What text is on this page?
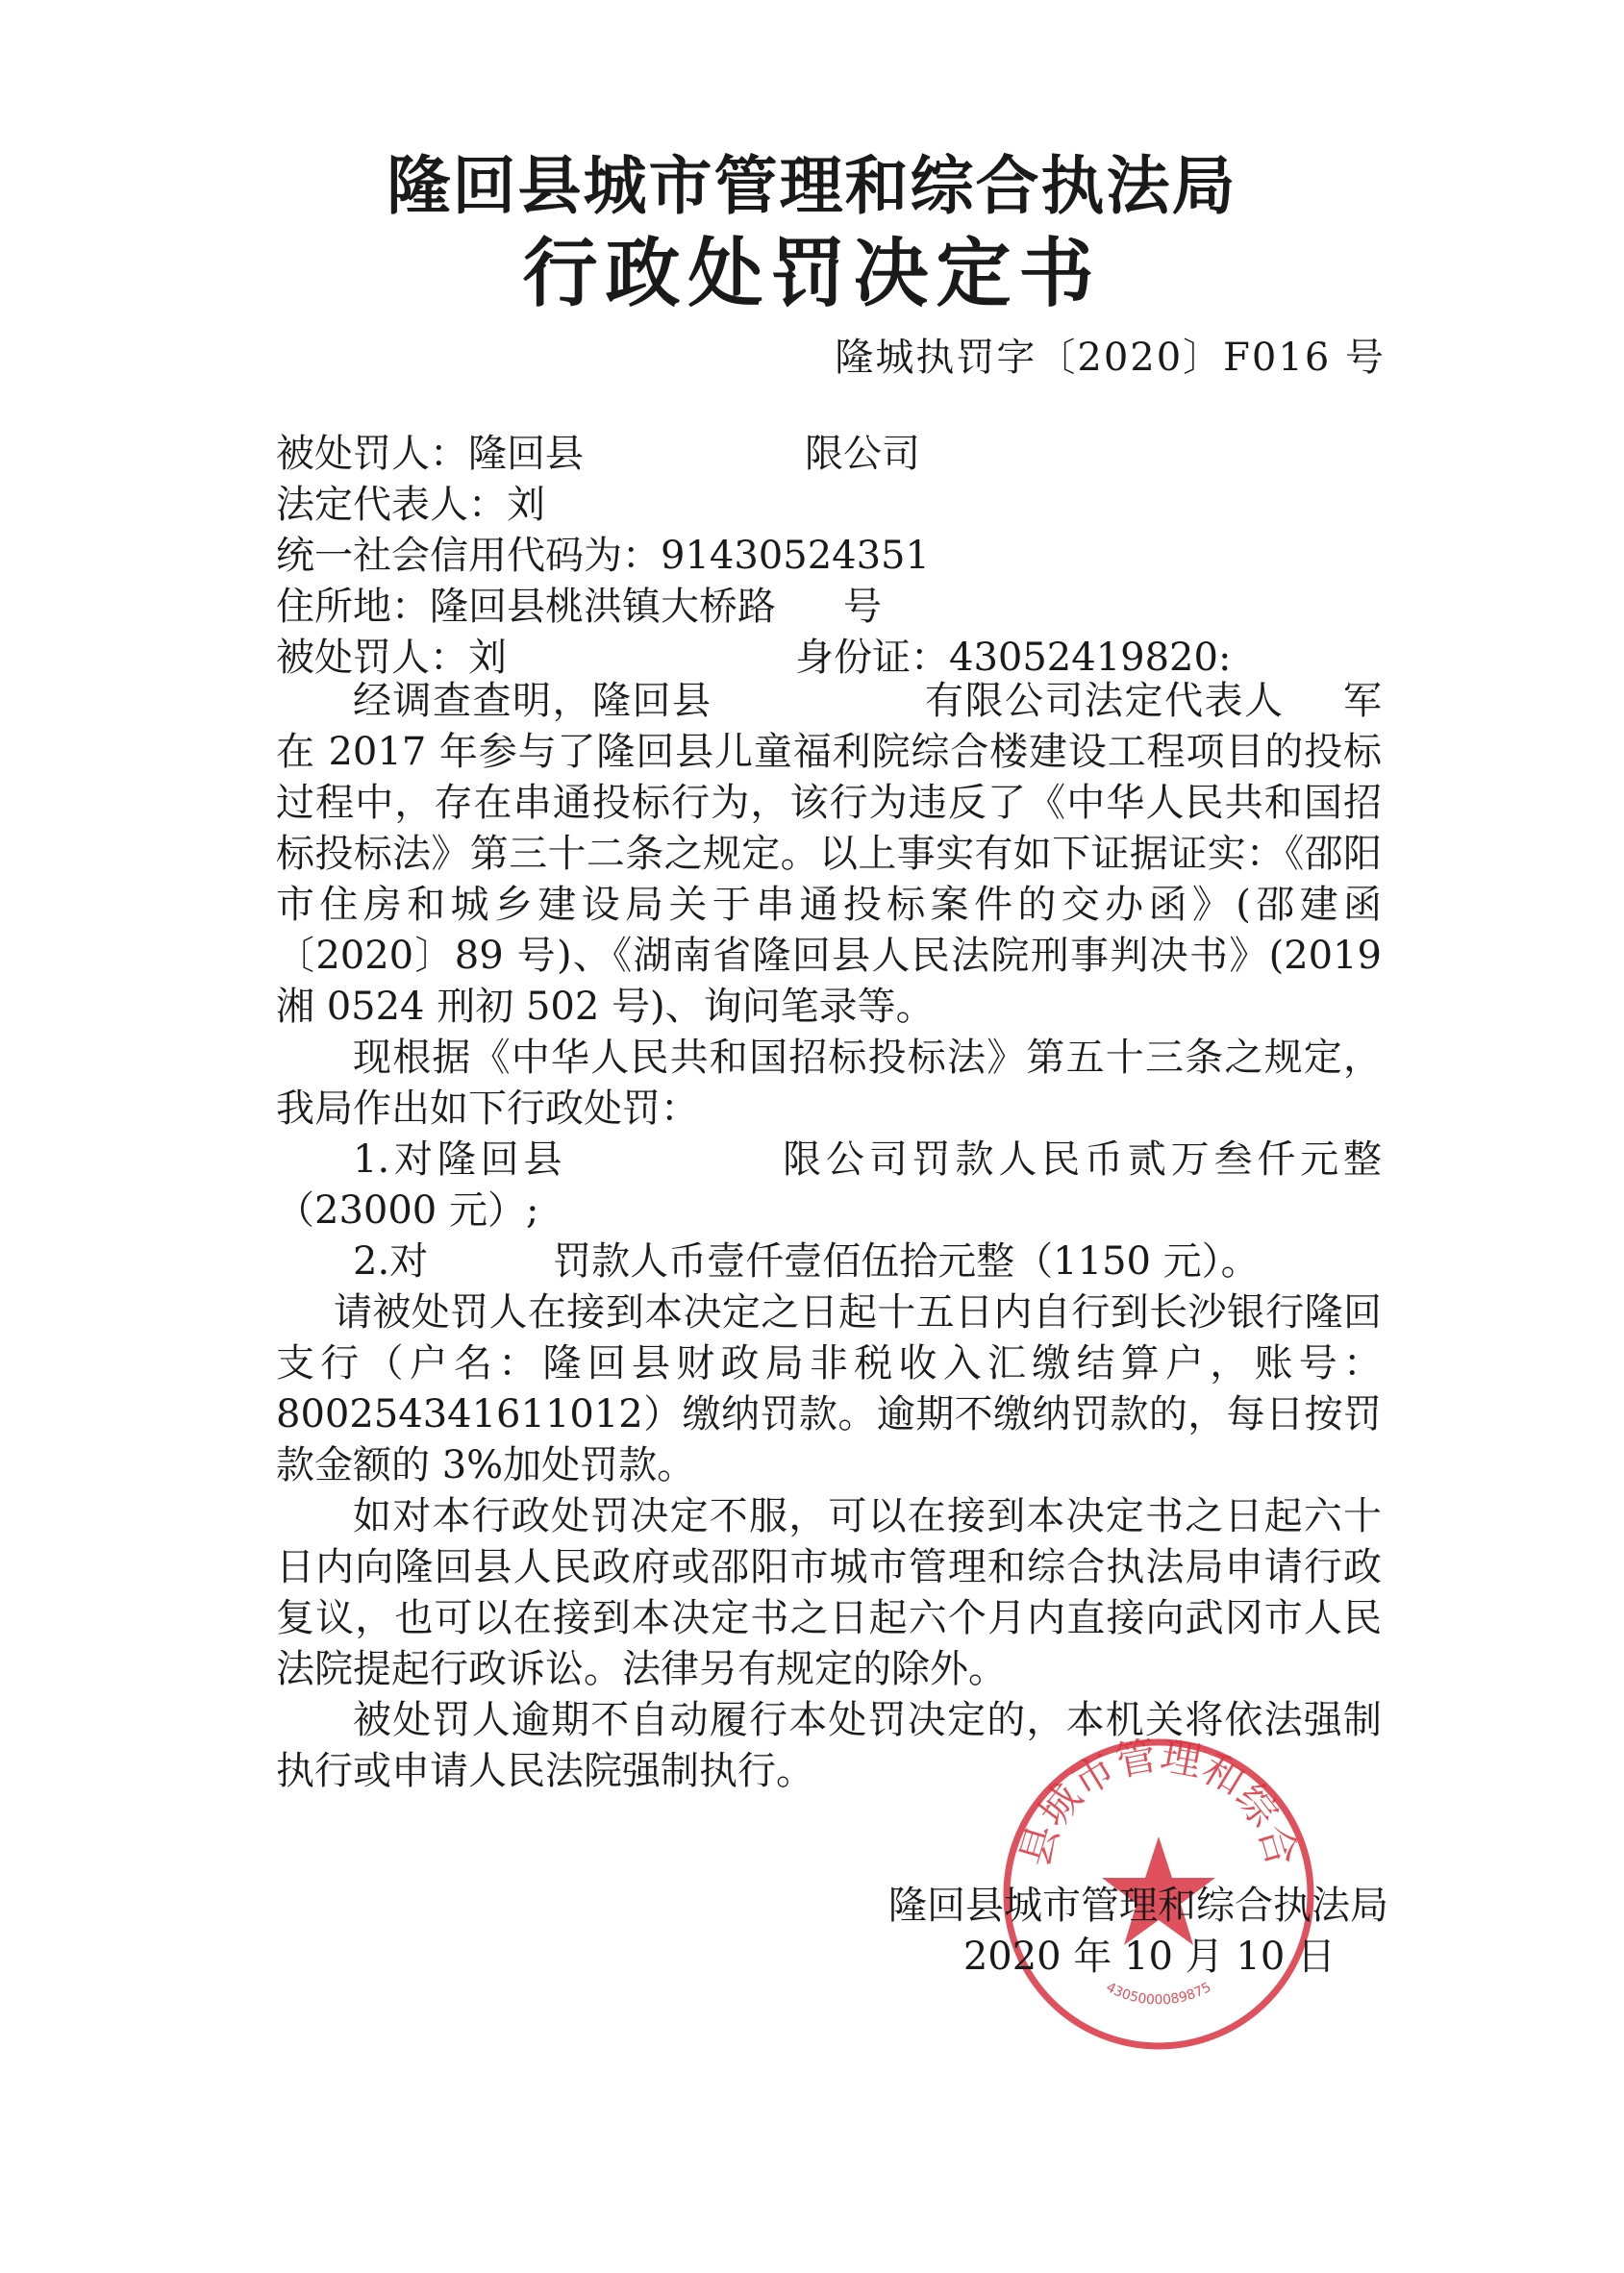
隆回县城市管理和综合执法局
行政处罚决定书
隆城执罚字〔2020〕F016 号
被处罚人：隆回县	限公司
法定代表人：刘
统一社会信用代码为：91430524351
住所地：隆回县桃洪镇大桥路 号
被处罚人：刘	身份证：43052419820:

经调查查明，隆回县	有限公司法定代表人 军在 2017 年参与了隆回县儿童福利院综合楼建设工程项目的投标过程中，存在串通投标行为，该行为违反了《中华人民共和国招标投标法》第三十二条之规定。以上事实有如下证据证实：《邵阳市住房和城乡建设局关于串通投标案件的交办函》(邵建函〔2020〕89 号)、《湖南省隆回县人民法院刑事判决书》(2019 湘 0524 刑初 502 号)、询问笔录等。

现根据《中华人民共和国招标投标法》第五十三条之规定，我局作出如下行政处罚：

1.对隆回县	限公司罚款人民币贰万叁仟元整（23000 元）;

2.对	罚款人币壹仟壹佰伍拾元整（1150 元）。

请被处罚人在接到本决定之日起十五日内自行到长沙银行隆回支行（户名：隆回县财政局非税收入汇缴结算户，账号：800254341611012）缴纳罚款。逾期不缴纳罚款的，每日按罚款金额的 3%加处罚款。

如对本行政处罚决定不服，可以在接到本决定书之日起六十日内向隆回县人民政府或邵阳市城市管理和综合执法局申请行政复议，也可以在接到本决定书之日起六个月内直接向武冈市人民法院提起行政诉讼。法律另有规定的除外。

被处罚人逾期不自动履行本处罚决定的，本机关将依法强制执行或申请人民法院强制执行。

县城市管理和综合
4305000089875
隆回县城市管理和综合执法局
2020 年 10 月 10 日
